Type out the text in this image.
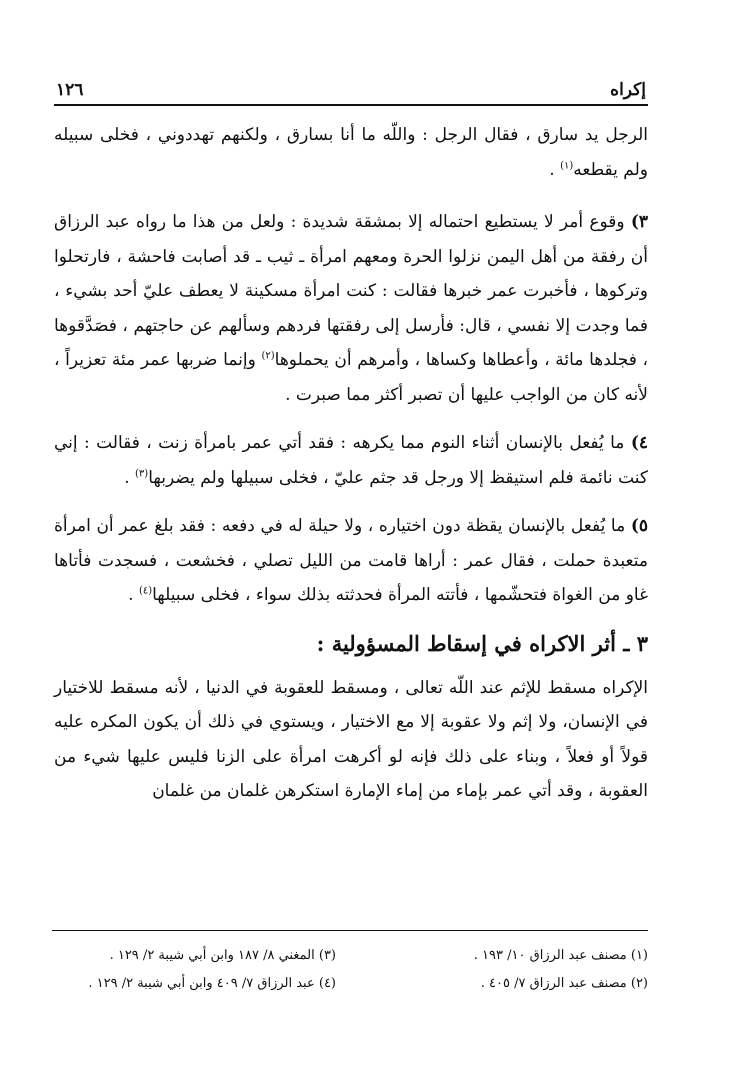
إكراه
١٢٦

الرجل يد سارق ، فقال الرجل : واللّه ما أنا بسارق ، ولكنهم تهددوني ، فخلى سبيله ولم يقطعه$^{(١)}$ .

٣) وقوع أمر لا يستطيع احتماله إلا بمشقة شديدة : ولعل من هذا ما رواه عبد الرزاق أن رفقة من أهل اليمن نزلوا الحرة ومعهم امرأة ـ ثيب ـ قد أصابت فاحشة ، فارتحلوا وتركوها ، فأخبرت عمر خبرها فقالت : كنت امرأة مسكينة لا يعطف عليّ أحد بشيء ، فما وجدت إلا نفسي ، قال: فأرسل إلى رفقتها فردهم وسألهم عن حاجتهم ، فصَدَّقوها ، فجلدها مائة ، وأعطاها وكساها ، وأمرهم أن يحملوها$^{(٢)}$ وإنما ضربها عمر مئة تعزيراً ، لأنه كان من الواجب عليها أن تصبر أكثر مما صبرت .

٤) ما يُفعل بالإنسان أثناء النوم مما يكرهه : فقد أتي عمر بامرأة زنت ، فقالت : إني كنت نائمة فلم استيقظ إلا ورجل قد جثم عليّ ، فخلى سبيلها ولم يضربها$^{(٣)}$ .

٥) ما يُفعل بالإنسان يقظة دون اختياره ، ولا حيلة له في دفعه : فقد بلغ عمر أن امرأة متعبدة حملت ، فقال عمر : أراها قامت من الليل تصلي ، فخشعت ، فسجدت فأتاها غاو من الغواة فتحشّمها ، فأتته المرأة فحدثته بذلك سواء ، فخلى سبيلها$^{(٤)}$ .

٣ ـ أثر الاكراه في إسقاط المسؤولية :

الإكراه مسقط للإثم عند اللّه تعالى ، ومسقط للعقوبة في الدنيا ، لأنه مسقط للاختيار في الإنسان، ولا إثم ولا عقوبة إلا مع الاختيار ، ويستوي في ذلك أن يكون المكره عليه قولاً أو فعلاً ، وبناء على ذلك فإنه لو أكرهت امرأة على الزنا فليس عليها شيء من العقوبة ، وقد أتي عمر بإماء من إماء الإمارة استكرهن غلمان من غلمان

(١) مصنف عبد الرزاق ١٠/ ١٩٣ .
(٣) المغني ٨/ ١٨٧ وابن أبي شيبة ٢/ ١٢٩ .
(٢) مصنف عبد الرزاق ٧/ ٤٠٥ .
(٤) عبد الرزاق ٧/ ٤٠٩ وابن أبي شيبة ٢/ ١٢٩ .
